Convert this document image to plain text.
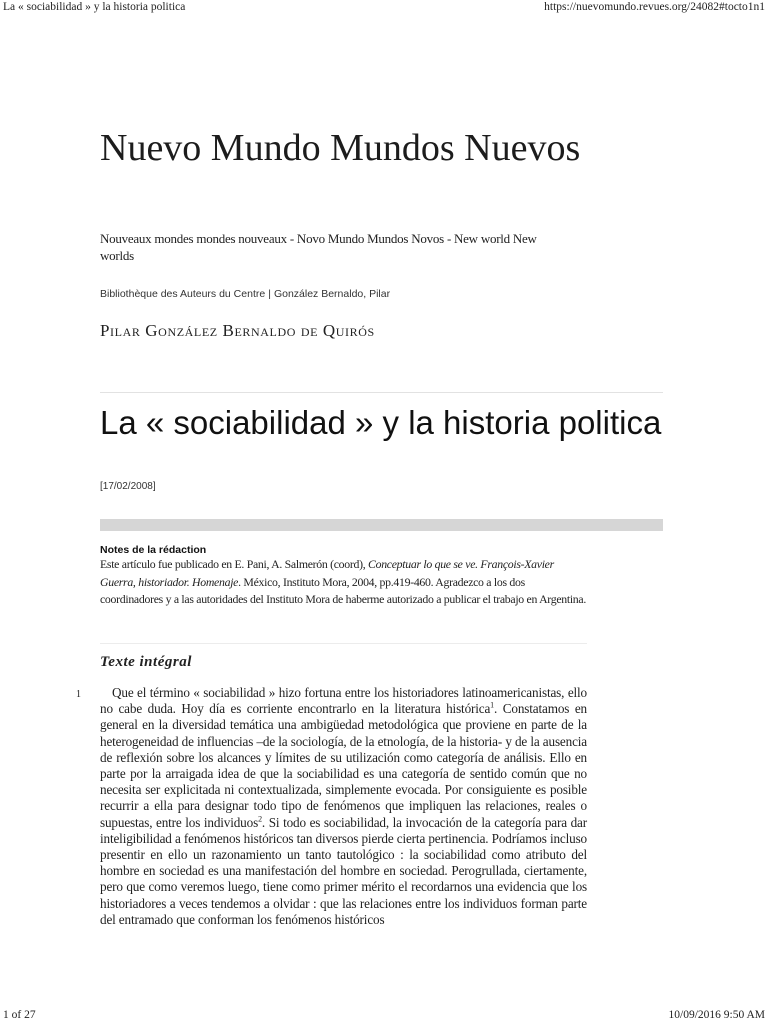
La « sociabilidad » y la historia politica	https://nuevomundo.revues.org/24082#tocto1n1
Nuevo Mundo Mundos Nuevos
Nouveaux mondes mondes nouveaux - Novo Mundo Mundos Novos - New world New worlds
Bibliothèque des Auteurs du Centre | González Bernaldo, Pilar
Pilar González Bernaldo de Quirós
La « sociabilidad » y la historia politica
[17/02/2008]
Notes de la rédaction
Este artículo fue publicado en E. Pani, A. Salmerón (coord), Conceptuar lo que se ve. François-Xavier Guerra, historiador. Homenaje. México, Instituto Mora, 2004, pp.419-460. Agradezco a los dos coordinadores y a las autoridades del Instituto Mora de haberme autorizado a publicar el trabajo en Argentina.
Texte intégral
1	Que el término « sociabilidad » hizo fortuna entre los historiadores latinoamericanistas, ello no cabe duda. Hoy día es corriente encontrarlo en la literatura histórica$^1$. Constatamos en general en la diversidad temática una ambigüedad metodológica que proviene en parte de la heterogeneidad de influencias –de la sociología, de la etnología, de la historia- y de la ausencia de reflexión sobre los alcances y límites de su utilización como categoría de análisis. Ello en parte por la arraigada idea de que la sociabilidad es una categoría de sentido común que no necesita ser explicitada ni contextualizada, simplemente evocada. Por consiguiente es posible recurrir a ella para designar todo tipo de fenómenos que impliquen las relaciones, reales o supuestas, entre los individuos$^2$. Si todo es sociabilidad, la invocación de la categoría para dar inteligibilidad a fenómenos históricos tan diversos pierde cierta pertinencia. Podríamos incluso presentir en ello un razonamiento un tanto tautológico : la sociabilidad como atributo del hombre en sociedad es una manifestación del hombre en sociedad. Perogrullada, ciertamente, pero que como veremos luego, tiene como primer mérito el recordarnos una evidencia que los historiadores a veces tendemos a olvidar : que las relaciones entre los individuos forman parte del entramado que conforman los fenómenos históricos
1 of 27	10/09/2016 9:50 AM
